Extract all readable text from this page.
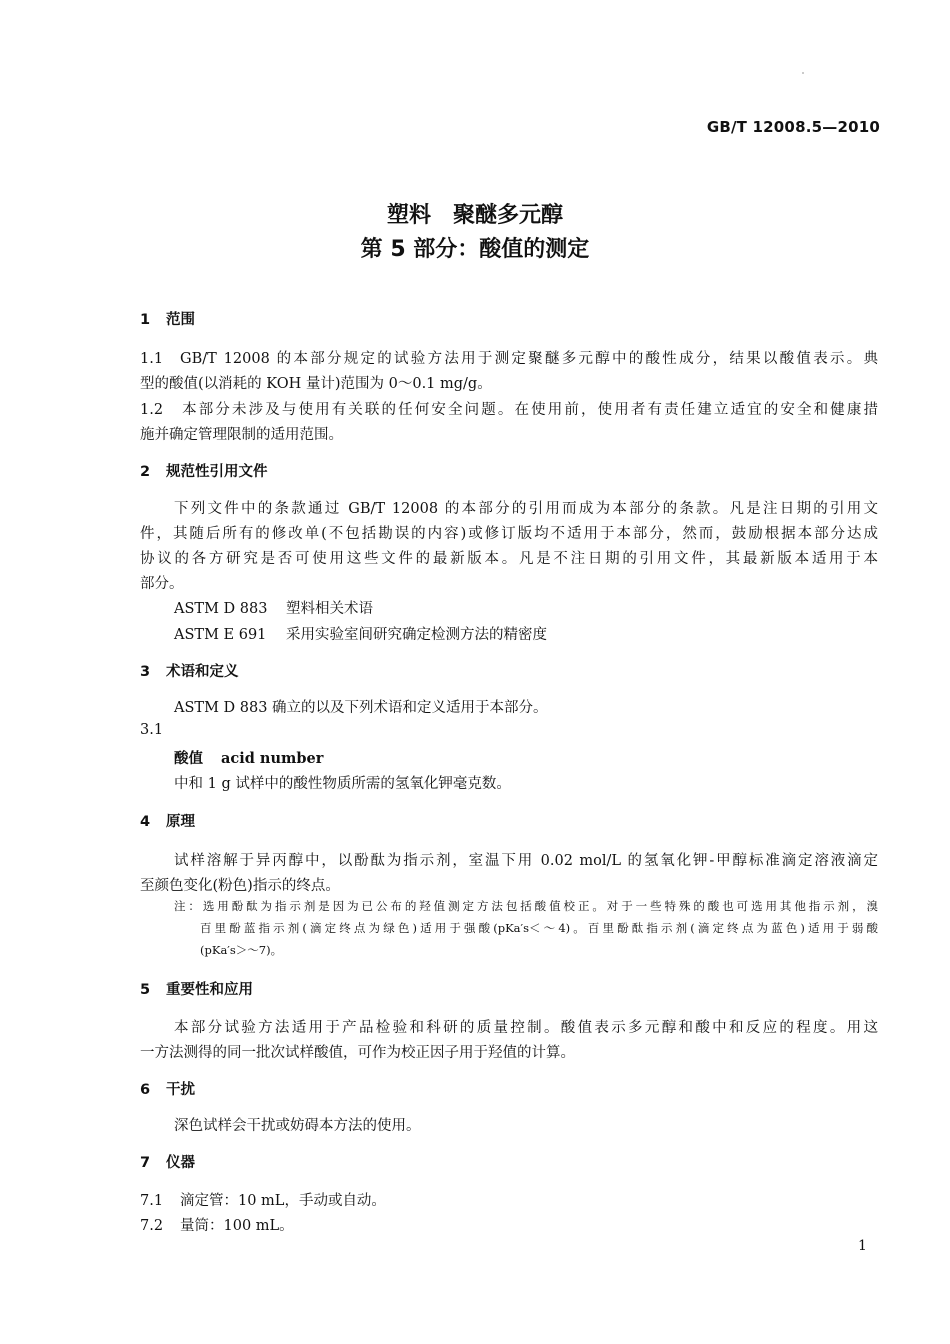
GB/T 12008.5—2010
塑料　聚醚多元醇
第 5 部分：酸值的测定
1 范围
1.1 GB/T 12008 的本部分规定的试验方法用于测定聚醚多元醇中的酸性成分，结果以酸值表示。典
型的酸值(以消耗的 KOH 量计)范围为 0～0.1 mg/g。
1.2 本部分未涉及与使用有关联的任何安全问题。在使用前，使用者有责任建立适宜的安全和健康措
施并确定管理限制的适用范围。
2 规范性引用文件
下列文件中的条款通过 GB/T 12008 的本部分的引用而成为本部分的条款。凡是注日期的引用文
件，其随后所有的修改单(不包括勘误的内容)或修订版均不适用于本部分，然而，鼓励根据本部分达成
协议的各方研究是否可使用这些文件的最新版本。凡是不注日期的引用文件，其最新版本适用于本
部分。
ASTM D 883 塑料相关术语
ASTM E 691 采用实验室间研究确定检测方法的精密度
3 术语和定义
ASTM D 883 确立的以及下列术语和定义适用于本部分。
3.1
酸值 acid number
中和 1 g 试样中的酸性物质所需的氢氧化钾毫克数。
4 原理
试样溶解于异丙醇中，以酚酞为指示剂，室温下用 0.02 mol/L 的氢氧化钾-甲醇标准滴定溶液滴定
至颜色变化(粉色)指示的终点。
注：选用酚酞为指示剂是因为已公布的羟值测定方法包括酸值校正。对于一些特殊的酸也可选用其他指示剂，溴
百里酚蓝指示剂(滴定终点为绿色)适用于强酸(pKa′s＜～4)。百里酚酞指示剂(滴定终点为蓝色)适用于弱酸
(pKa′s＞～7)。
5 重要性和应用
本部分试验方法适用于产品检验和科研的质量控制。酸值表示多元醇和酸中和反应的程度。用这
一方法测得的同一批次试样酸值，可作为校正因子用于羟值的计算。
6 干扰
深色试样会干扰或妨碍本方法的使用。
7 仪器
7.1 滴定管：10 mL，手动或自动。
7.2 量筒：100 mL。
1
